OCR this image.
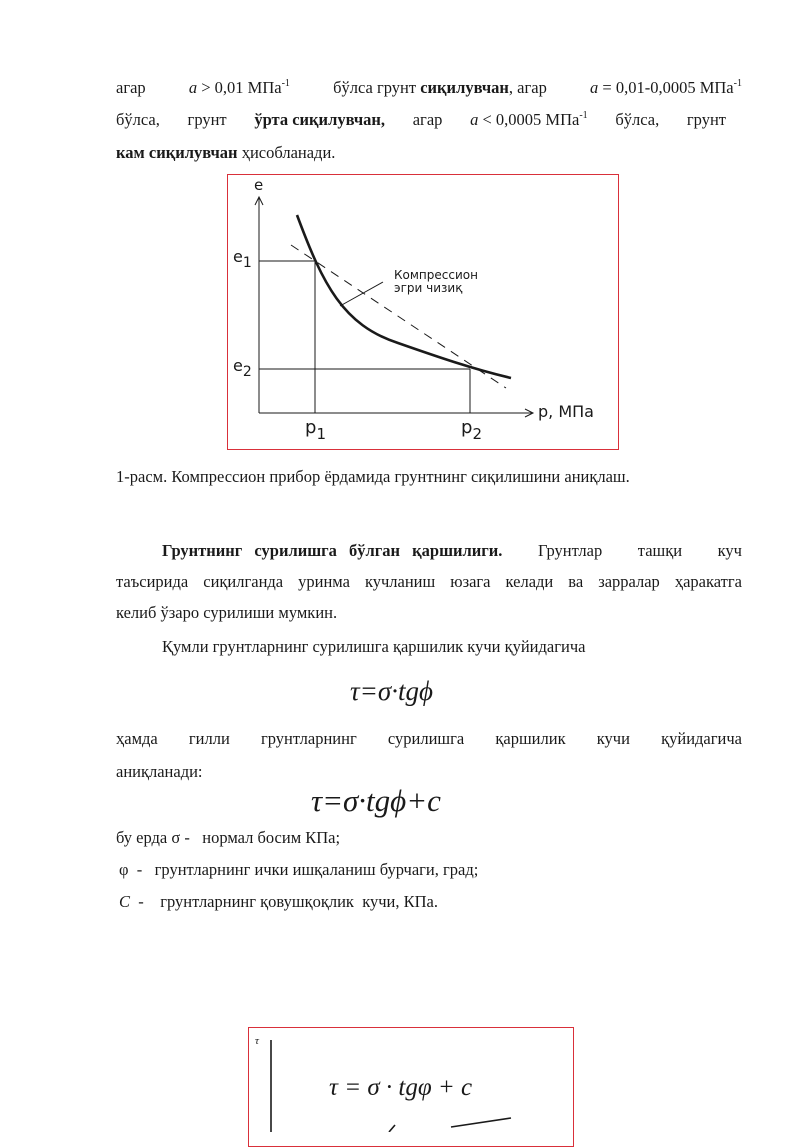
агар	a > 0,01 МПа$^{-1}$	бўлса грунт сиқилувчан, агар	a = 0,01-0,0005 МПа$^{-1}$
бўлса, грунт ўрта сиқилувчан, агар a < 0,0005 МПа$^{-1}$ бўлса, грунт
кам сиқилувчан ҳисобланади.
Компрессион
эгри чизиқ
e
e1
e2
p, МПа
$p_1$	$p_2$
1-расм. Компрессион прибор ёрдамида грунтнинг сиқилишини аниқлаш.
Грунтнинг сурилишга бўлган қаршилиги. Грунтлар ташқи куч
таъсирида сиқилганда уринма кучланиш юзага келади ва зарралар ҳаракатга
келиб ўзаро сурилиши мумкин.
Қумли грунтларнинг сурилишга қаршилик кучи қуйидагича
τ=σ·tgϕ
ҳамда гилли грунтларнинг сурилишга қаршилик кучи қуйидагича
аниқланади:
τ=σ·tgϕ+c
бу ерда σ -   нормал босим КПа;
φ -   грунтларнинг ички ишқаланиш бурчаги, град;
C -    грунтларнинг қовушқоқлик  кучи, КПа.
τ
τ = σ · tgφ + c
